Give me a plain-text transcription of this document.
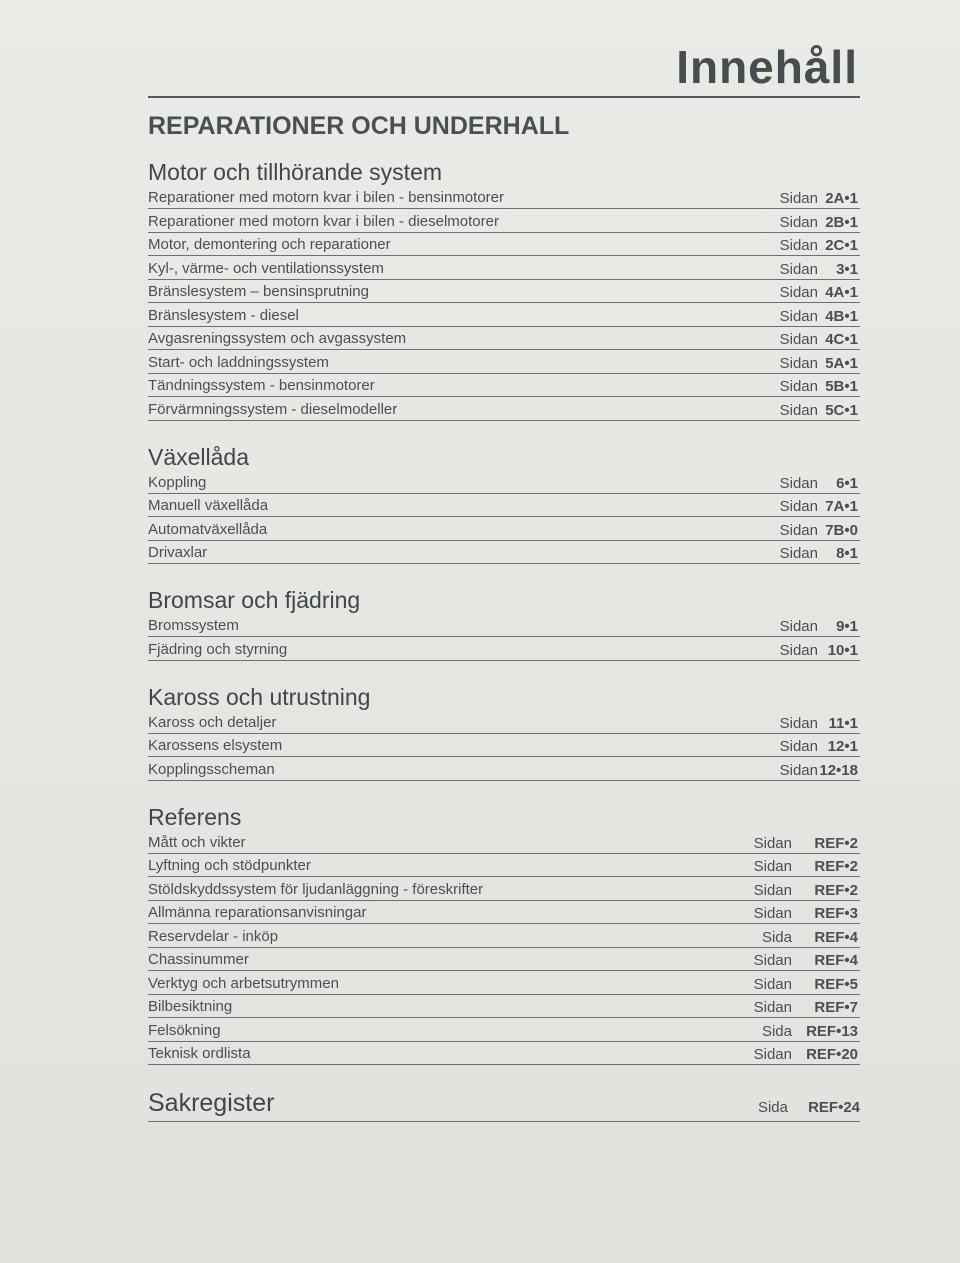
Innehåll
REPARATIONER OCH UNDERHALL
Motor och tillhörande system
Reparationer med motorn kvar i bilen - bensinmotorer	Sidan 2A•1
Reparationer med motorn kvar i bilen - dieselmotorer	Sidan 2B•1
Motor, demontering och reparationer	Sidan 2C•1
Kyl-, värme- och ventilationssystem	Sidan 3•1
Bränslesystem – bensinsprutning	Sidan 4A•1
Bränslesystem - diesel	Sidan 4B•1
Avgasreningssystem och avgassystem	Sidan 4C•1
Start- och laddningssystem	Sidan 5A•1
Tändningssystem - bensinmotorer	Sidan 5B•1
Förvärmningssystem - dieselmodeller	Sidan 5C•1
Växellåda
Koppling	Sidan 6•1
Manuell växellåda	Sidan 7A•1
Automatväxellåda	Sidan 7B•0
Drivaxlar	Sidan 8•1
Bromsar och fjädring
Bromssystem	Sidan 9•1
Fjädring och styrning	Sidan 10•1
Kaross och utrustning
Kaross och detaljer	Sidan 11•1
Karossens elsystem	Sidan 12•1
Kopplingsscheman	Sidan 12•18
Referens
Mått och vikter	Sidan REF•2
Lyftning och stödpunkter	Sidan REF•2
Stöldskyddssystem för ljudanläggning - föreskrifter	Sidan REF•2
Allmänna reparationsanvisningar	Sidan REF•3
Reservdelar - inköp	Sida REF•4
Chassinummer	Sidan REF•4
Verktyg och arbetsutrymmen	Sidan REF•5
Bilbesiktning	Sidan REF•7
Felsökning	Sida REF•13
Teknisk ordlista	Sidan REF•20
Sakregister	Sida REF•24
